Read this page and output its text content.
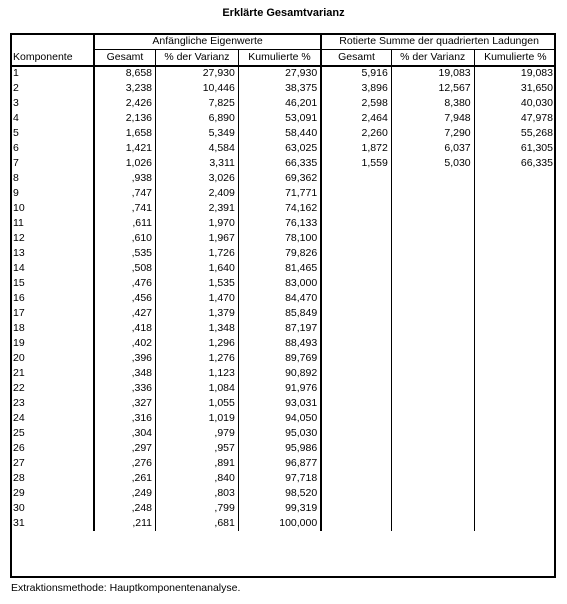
Erklärte Gesamtvarianz
Komponente	Anfängliche Eigenwerte			Rotierte Summe der quadrierten Ladungen		
	Gesamt	% der Varianz	Kumulierte %	Gesamt	% der Varianz	Kumulierte %
1	8,658	27,930	27,930	5,916	19,083	19,083
2	3,238	10,446	38,375	3,896	12,567	31,650
3	2,426	7,825	46,201	2,598	8,380	40,030
4	2,136	6,890	53,091	2,464	7,948	47,978
5	1,658	5,349	58,440	2,260	7,290	55,268
6	1,421	4,584	63,025	1,872	6,037	61,305
7	1,026	3,311	66,335	1,559	5,030	66,335
8	,938	3,026	69,362			
9	,747	2,409	71,771			
10	,741	2,391	74,162			
11	,611	1,970	76,133			
12	,610	1,967	78,100			
13	,535	1,726	79,826			
14	,508	1,640	81,465			
15	,476	1,535	83,000			
16	,456	1,470	84,470			
17	,427	1,379	85,849			
18	,418	1,348	87,197			
19	,402	1,296	88,493			
20	,396	1,276	89,769			
21	,348	1,123	90,892			
22	,336	1,084	91,976			
23	,327	1,055	93,031			
24	,316	1,019	94,050			
25	,304	,979	95,030			
26	,297	,957	95,986			
27	,276	,891	96,877			
28	,261	,840	97,718			
29	,249	,803	98,520			
30	,248	,799	99,319			
31	,211	,681	100,000			
Extraktionsmethode: Hauptkomponentenanalyse.
